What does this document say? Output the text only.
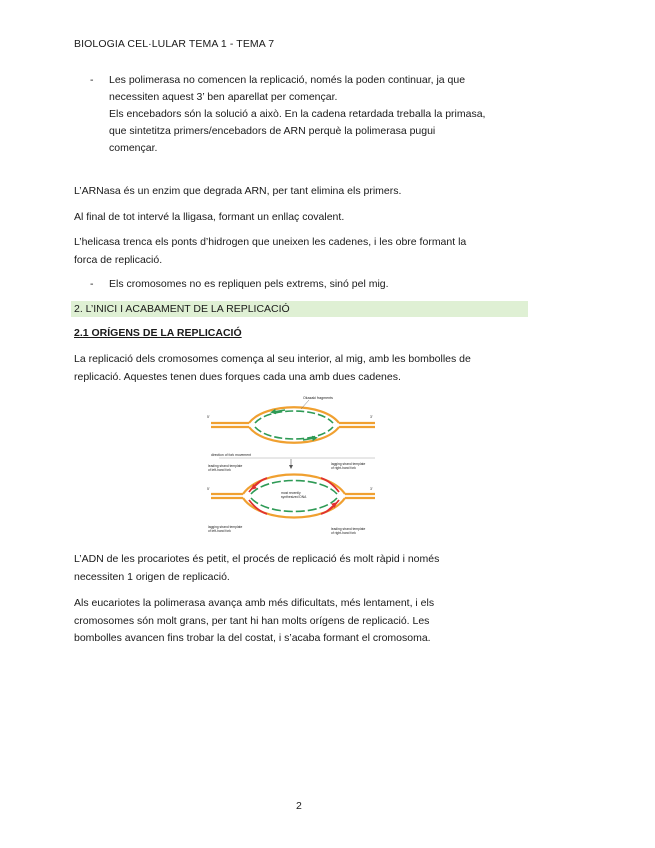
BIOLOGIA CEL·LULAR TEMA 1 - TEMA 7
- Les polimerasa no comencen la replicació, només la poden continuar, ja que
necessiten aquest 3’ ben aparellat per començar.
Els encebadors són la solució a això. En la cadena retardada treballa la primasa,
que sintetitza primers/encebadors de ARN perquè la polimerasa pugui
començar.
L’ARNasa és un enzim que degrada ARN, per tant elimina els primers.
Al final de tot intervé la lligasa, formant un enllaç covalent.
L’helicasa trenca els ponts d’hidrogen que uneixen les cadenes, i les obre formant la
forca de replicació.
- Els cromosomes no es repliquen pels extrems, sinó pel mig.
2. L’INICI I ACABAMENT DE LA REPLICACIÓ
2.1 ORÍGENS DE LA REPLICACIÓ
La replicació dels cromosomes comença al seu interior, al mig, amb les bombolles de
replicació. Aquestes tenen dues forques cada una amb dues cadenes.
5'	3'
Okazaki fragments
direction of fork movement
leading strand template
of left-hand fork
lagging strand template
of right-hand fork
most recently
synthesized DNA
lagging strand template
of left-hand fork	leading strand template
of right-hand fork
5'	3'
L’ADN de les procariotes és petit, el procés de replicació és molt ràpid i només
necessiten 1 origen de replicació.
Als eucariotes la polimerasa avança amb més dificultats, més lentament, i els
cromosomes són molt grans, per tant hi han molts orígens de replicació. Les
bombolles avancen fins trobar la del costat, i s’acaba formant el cromosoma.
2
